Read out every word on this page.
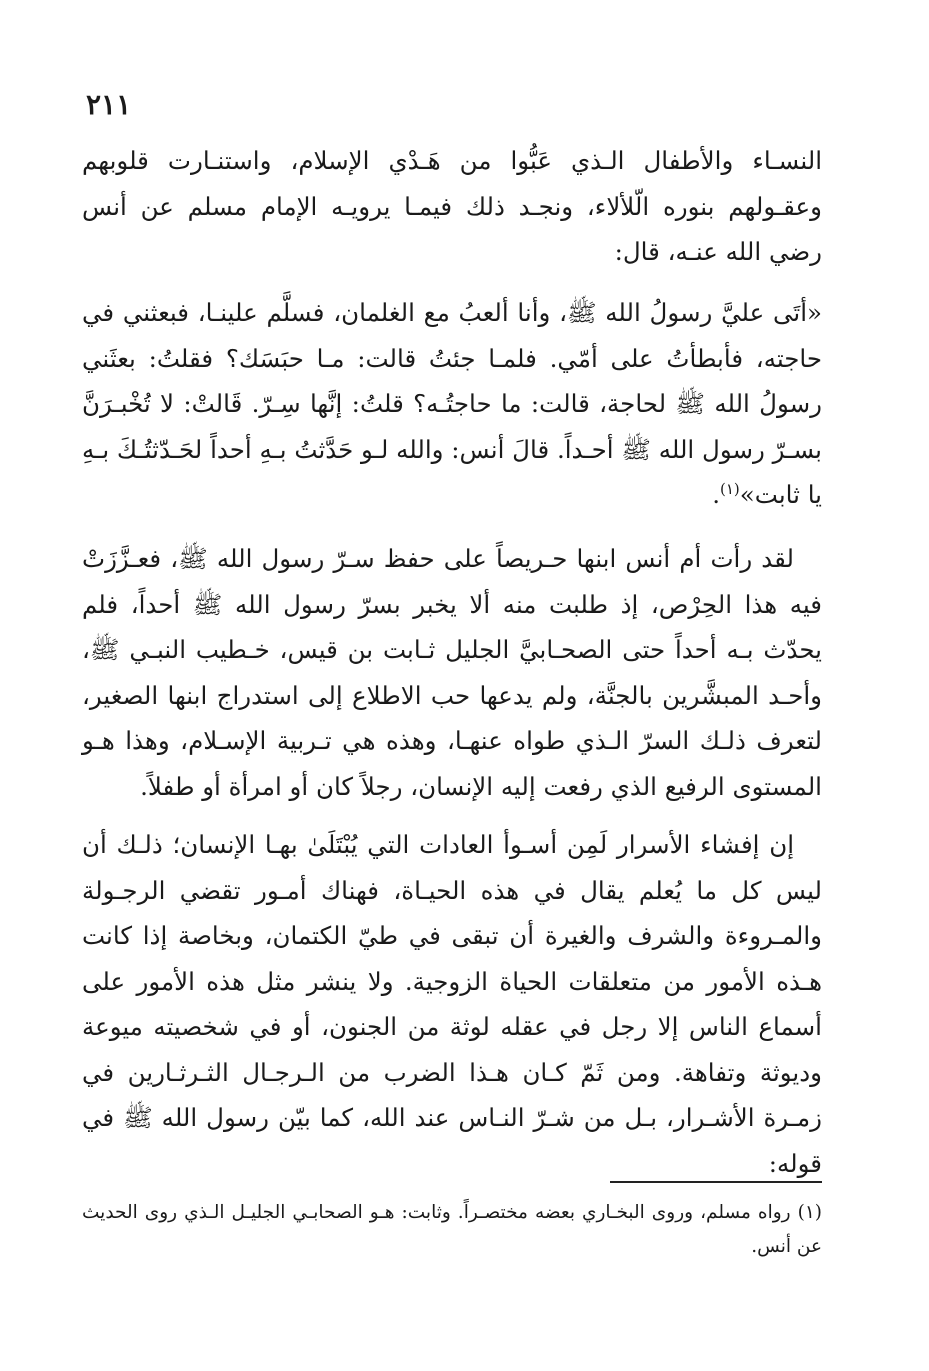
٢١١

النسـاء والأطفال الـذي عَبُّوا من هَـدْي الإسلام، واستنـارت قلوبهم وعقـولهم بنوره الّلألاء، ونجـد ذلك فيمـا يرويـه الإمام مسلم عن أنس رضي الله عنـه، قال:

«أتَى عليَّ رسولُ الله ﷺ، وأنا ألعبُ مع الغلمان، فسلَّم علينـا، فبعثني في حاجته، فأبطأتُ على أمّي. فلمـا جئتُ قالت: مـا حبَسَك؟ فقلتُ: بعثَني رسولُ الله ﷺ لحاجة، قالت: ما حاجتُـه؟ قلتُ: إنَّها سِـرّ. قَالتْ: لا تُخْبـرَنَّ بسـرّ رسول الله ﷺ أحـداً. قالَ أنس: والله لـو حَدَّثتُ بـهِ أحداً لحَـدّثتُـكَ بـهِ يا ثابت»$^{(١)}$.

لقد رأت أم أنس ابنها حـريصاً على حفظ سـرّ رسول الله ﷺ، فعـزَّزَتْ فيه هذا الحِرْص، إذ طلبت منه ألا يخبر بسرّ رسول الله ﷺ أحداً، فلم يحدّث بـه أحداً حتى الصحـابيَّ الجليل ثـابت بن قيس، خـطيب النبـي ﷺ، وأحـد المبشَّرين بالجنَّة، ولم يدعها حب الاطلاع إلى استدراج ابنها الصغير، لتعرف ذلـك السرّ الـذي طواه عنهـا، وهذه هي تـربية الإسـلام، وهذا هـو المستوى الرفيع الذي رفعت إليه الإنسان، رجلاً كان أو امرأة أو طفلاً.

إن إفشاء الأسرار لَمِن أسـوأ العادات التي يُبْتَلَىٰ بهـا الإنسان؛ ذلـك أن ليس كل ما يُعلم يقال في هذه الحيـاة، فهناك أمـور تقضي الرجـولة والمـروءة والشرف والغيرة أن تبقى في طيّ الكتمان، وبخاصة إذا كانت هـذه الأمور من متعلقات الحياة الزوجية. ولا ينشر مثل هذه الأمور على أسماع الناس إلا رجل في عقله لوثة من الجنون، أو في شخصيته ميوعة وديوثة وتفاهة. ومن ثَمّ كـان هـذا الضرب من الـرجـال الثـرثـارين في زمـرة الأشـرار، بـل من شـرّ النـاس عند الله، كما بيّن رسول الله ﷺ في قوله:

(١) رواه مسلم، وروى البخـاري بعضه مختصـراً. وثابت: هـو الصحابـي الجليـل الـذي روى الحديث عن أنس.
